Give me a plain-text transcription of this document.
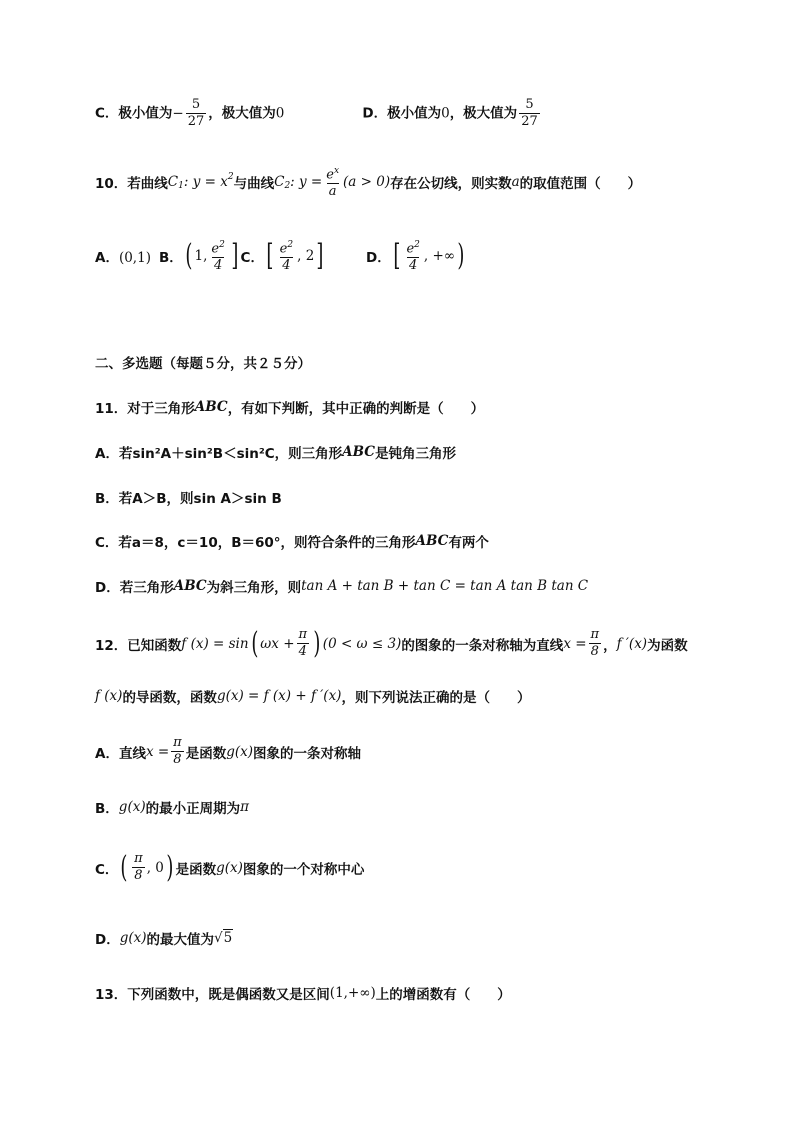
C．极小值为− $\frac{5}{27}$ ，极大值为0	D．极小值为0，极大值为 $\frac{5}{27}$
10． 若曲线 C 1 : $y = x^2$ 与曲线 C 2 : $y = \frac{e^x}{a} (a > 0)$ 存在公切线，则实数 a 的取值范围（　　）
A．(0,1) B． ( 1, $\frac{e^2}{4}$ ] C． [ $\frac{e^2}{4}$ , 2 ]	D． [ $\frac{e^2}{4}$ , +∞ )
二、多选题（每题５分，共２５分）
11．对于三角形 ABC ，有如下判断，其中正确的判断是（　　）
A．若 sin²A＋sin²B＜sin²C ，则三角形 ABC 是钝角三角形
B．若 A＞B ，则 sin A＞sin B
C．若 a＝8，c＝10，B＝60° ，则符合条件的三角形 ABC 有两个
D．若三角形 ABC 为斜三角形，则 tan A + tan B + tan C = tan A tan B tan C
12． 已知函数 f (x) = sin ( $\omega x + \frac{\pi}{4}$ ) (0 < ω ≤ 3) 的图象的一条对称轴为直线 $x = \frac{\pi}{8}$ ， f ′(x) 为函数
f (x) 的导函数，函数 g(x) = f (x) + f ′(x) ，则下列说法正确的是（　　）
A．直线 $x = \frac{\pi}{8}$ 是函数 g(x) 图象的一条对称轴
B． g(x) 的最小正周期为 π
C． ( $\frac{\pi}{8}$ , 0 ) 是函数 g(x) 图象的一个对称中心
D． g(x) 的最大值为 √5
13．下列函数中，既是偶函数又是区间 (1,+∞) 上的增函数有（　　）
